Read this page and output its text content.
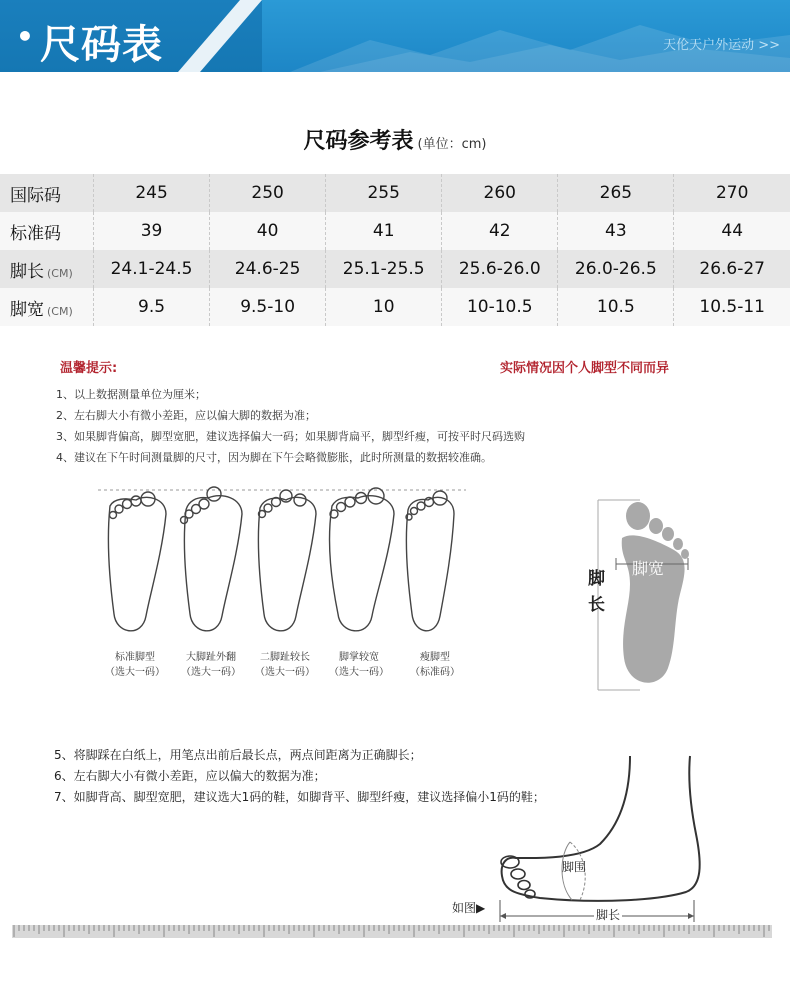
• 尺码表	天伦天户外运动 >>
尺码参考表 (单位：cm)
国际码	245	250	255	260	265	270
标准码	39	40	41	42	43	44
脚长 (CM)	24.1-24.5	24.6-25	25.1-25.5	25.6-26.0	26.0-26.5	26.6-27
脚宽 (CM)	9.5	9.5-10	10	10-10.5	10.5	10.5-11
温馨提示:	实际情况因个人脚型不同而异
1、以上数据测量单位为厘米；
2、左右脚大小有微小差距，应以偏大脚的数据为准；
3、如果脚背偏高，脚型宽肥，建议选择偏大一码；如果脚背扁平，脚型纤瘦，可按平时尺码选购
4、建议在下午时间测量脚的尺寸，因为脚在下午会略微膨胀，此时所测量的数据较准确。
标准脚型
（选大一码）
大脚趾外翻
（选大一码）
二脚趾较长
（选大一码）
脚掌较宽
（选大一码）
瘦脚型
（标准码）
脚
长
脚宽
5、将脚踩在白纸上，用笔点出前后最长点，两点间距离为正确脚长；
6、左右脚大小有微小差距，应以偏大的数据为准；
7、如脚背高、脚型宽肥，建议选大1码的鞋，如脚背平、脚型纤瘦，建议选择偏小1码的鞋；
脚围
脚长
如图▶
